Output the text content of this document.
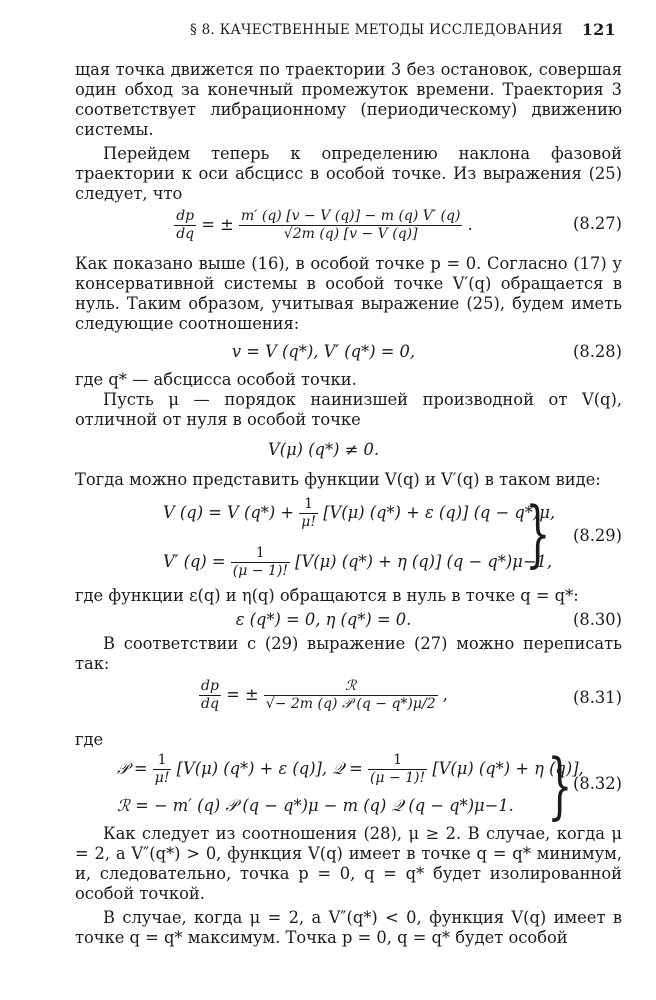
§ 8. КАЧЕСТВЕННЫЕ МЕТОДЫ ИССЛЕДОВАНИЯ 121

щая точка движется по траектории 3 без остановок, совершая один обход за конечный промежуток времени. Траектория 3 соответствует либрационному (периодическому) движению системы.

Перейдем теперь к определению наклона фазовой траектории к оси абсцисс в особой точке. Из выражения (25) следует, что

$\frac{dp}{dq}$ = ± $\frac{m' (q) [v - V (q)] - m (q) V' (q)}{√2m (q) [v - V (q)]}$ .	(8.27)

Как показано выше (16), в особой точке p = 0. Согласно (17) у консервативной системы в особой точке V′(q) обращается в нуль. Таким образом, учитывая выражение (25), будем иметь следующие соотношения:

v = V (q*), V′ (q*) = 0,	(8.28)

где q* — абсцисса особой точки.

Пусть μ — порядок наинизшей производной от V(q), отличной от нуля в особой точке

V(μ) (q*) ≠ 0.

Тогда можно представить функции V(q) и V′(q) в таком виде:

V (q) = V $(q*) + \frac{1}{\mu!} [V(\mu) (q*) + \varepsilon$ (q)] (q − q*)μ,
V′ $(q) = \frac{1}{(\mu - 1)!} [V(\mu) (q*) + \eta$ (q)] (q − q*)μ−1,
} (8.29)

где функции ε(q) и η(q) обращаются в нуль в точке q = q*:

ε (q*) = 0, η (q*) = 0.	(8.30)

В соответствии с (29) выражение (27) можно переписать так:

$\frac{dp}{dq}$ = ± $\frac{\text{ℛ}}{\text{√− 2m (q) 𝒫 (q − q*)μ/2}}$ ,	(8.31)

где

𝒫 = $\frac{1}{\mu!} [V(\mu) (q*) + \varepsilon$ (q)], 𝒬 = $\frac{1}{(\mu - 1)!} [V(\mu) (q*) + \eta$ (q)],
ℛ = − m′ (q) 𝒫 (q − q*)μ − m (q) 𝒬 (q − q*)μ−1. } (8.32)

Как следует из соотношения (28), μ ≥ 2. В случае, когда μ = 2, а V″(q*) > 0, функция V(q) имеет в точке q = q* минимум, и, следовательно, точка p = 0, q = q* будет изолированной особой точкой.

В случае, когда μ = 2, а V″(q*) < 0, функция V(q) имеет в точке q = q* максимум. Точка p = 0, q = q* будет особой
